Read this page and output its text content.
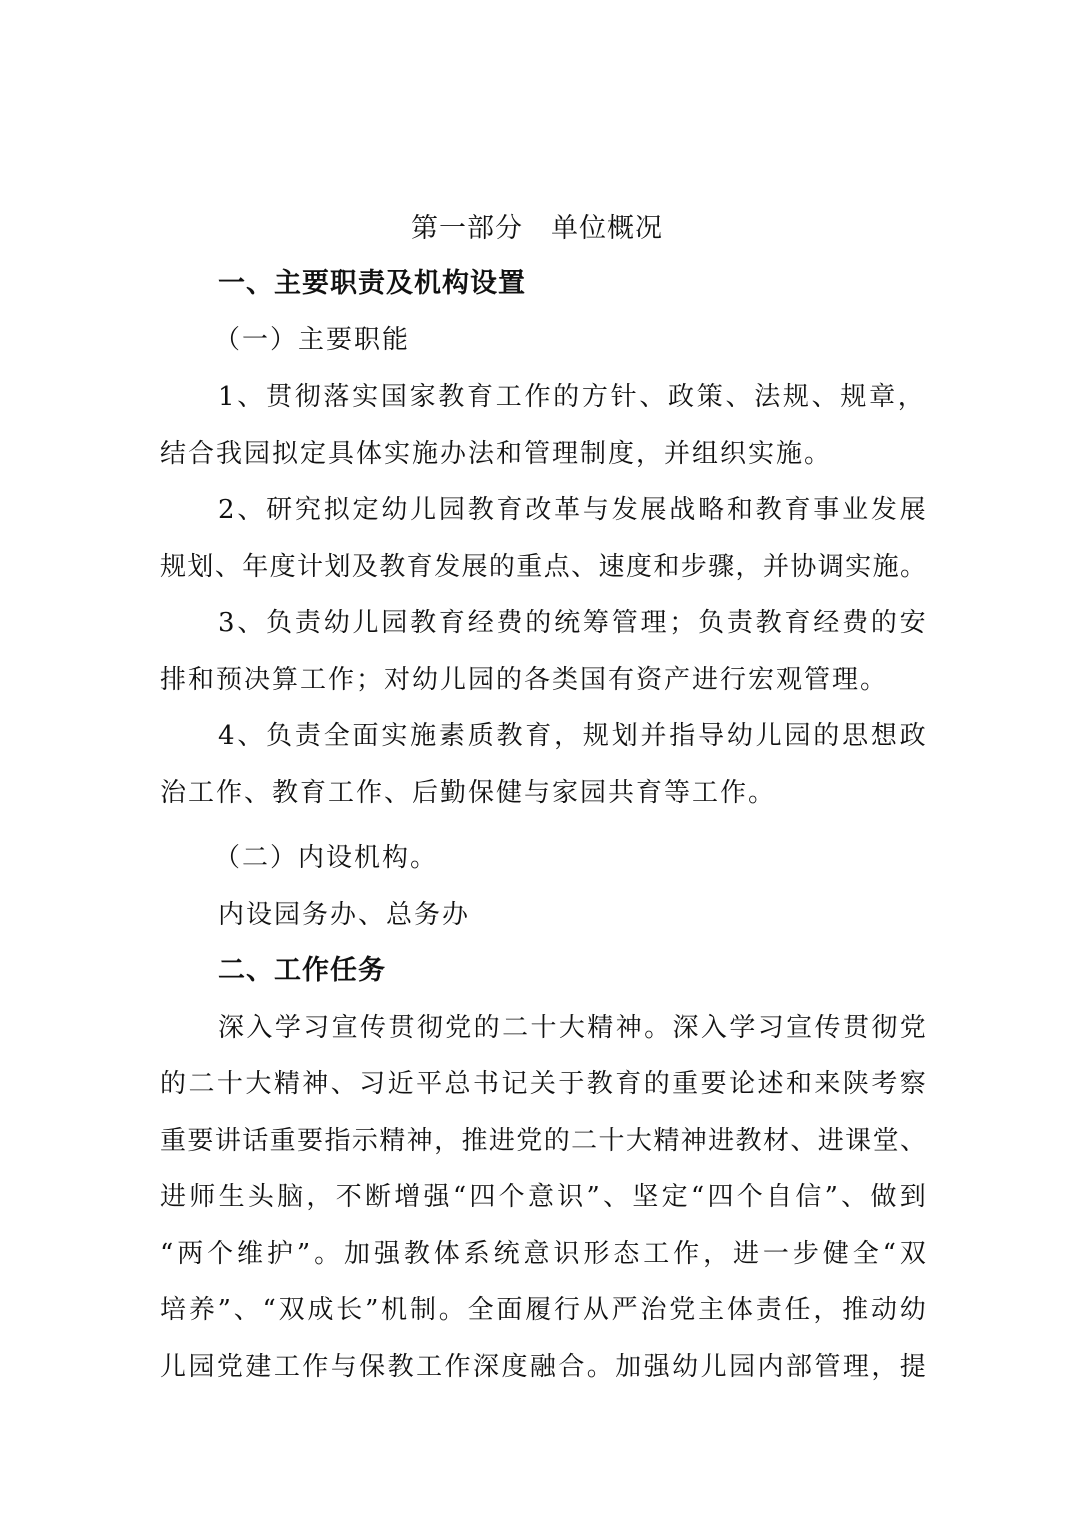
第一部分　单位概况
一、主要职责及机构设置
（一）主要职能
1 、 贯 彻 落 实 国 家 教 育 工 作 的 方 针 、 政 策 、 法 规 、 规 章 ，
结合我园拟定具体实施办法和管理制度，并组织实施。
2 、 研 究 拟 定 幼 儿 园 教 育 改 革 与 发 展 战 略 和 教 育 事 业 发 展
规 划 、 年 度 计 划 及 教 育 发 展 的 重 点 、 速 度 和 步 骤 ， 并 协 调 实 施 。
3 、 负 责 幼 儿 园 教 育 经 费 的 统 筹 管 理 ； 负 责 教 育 经 费 的 安
排和预决算工作；对幼儿园的各类国有资产进行宏观管理。
4 、 负 责 全 面 实 施 素 质 教 育 ， 规 划 并 指 导 幼 儿 园 的 思 想 政
治工作、教育工作、后勤保健与家园共育等工作。
（二）内设机构。
内设园务办、总务办
二、工作任务
深 入 学 习 宣 传 贯 彻 党 的 二 十 大 精 神 。 深 入 学 习 宣 传 贯 彻 党
的 二 十 大 精 神 、 习 近 平 总 书 记 关 于 教 育 的 重 要 论 述 和 来 陕 考 察
重 要 讲 话 重 要 指 示 精 神 ， 推 进 党 的 二 十 大 精 神 进 教 材 、 进 课 堂 、
进 师 生 头 脑 ， 不 断 增 强 “ 四 个 意 识 ” 、 坚 定 “ 四 个 自 信 ” 、 做 到
“ 两 个 维 护 ” 。 加 强 教 体 系 统 意 识 形 态 工 作 ， 进 一 步 健 全 “ 双
培 养 ” 、 “ 双 成 长 ” 机 制 。 全 面 履 行 从 严 治 党 主 体 责 任 ， 推 动 幼
儿 园 党 建 工 作 与 保 教 工 作 深 度 融 合 。 加 强 幼 儿 园 内 部 管 理 ， 提
